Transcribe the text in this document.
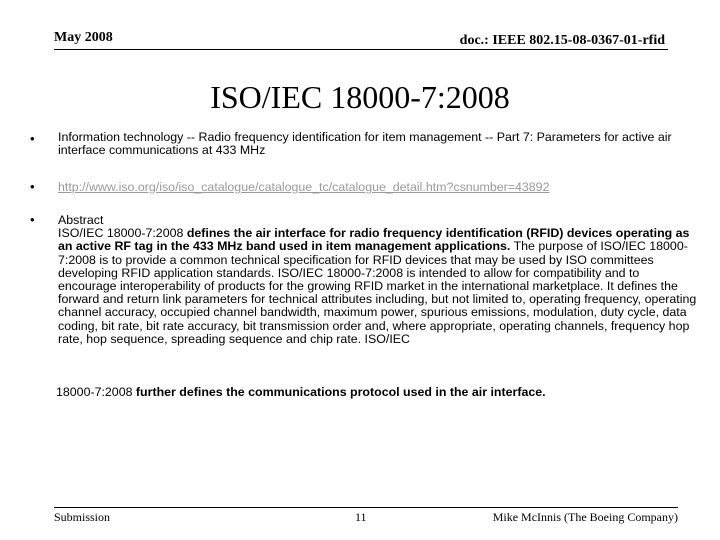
May 2008	doc.: IEEE 802.15-08-0367-01-rfid
ISO/IEC 18000-7:2008
• Information technology -- Radio frequency identification for item management -- Part 7: Parameters for active air interface communications at 433 MHz
• http://www.iso.org/iso/iso_catalogue/catalogue_tc/catalogue_detail.htm?csnumber=43892
• Abstract
ISO/IEC 18000-7:2008 defines the air interface for radio frequency identification (RFID) devices operating as an active RF tag in the 433 MHz band used in item management applications. The purpose of ISO/IEC 18000-7:2008 is to provide a common technical specification for RFID devices that may be used by ISO committees developing RFID application standards. ISO/IEC 18000-7:2008 is intended to allow for compatibility and to encourage interoperability of products for the growing RFID market in the international marketplace. It defines the forward and return link parameters for technical attributes including, but not limited to, operating frequency, operating channel accuracy, occupied channel bandwidth, maximum power, spurious emissions, modulation, duty cycle, data coding, bit rate, bit rate accuracy, bit transmission order and, where appropriate, operating channels, frequency hop rate, hop sequence, spreading sequence and chip rate. ISO/IEC
18000-7:2008 further defines the communications protocol used in the air interface.
Submission	11	Mike McInnis (The Boeing Company)
